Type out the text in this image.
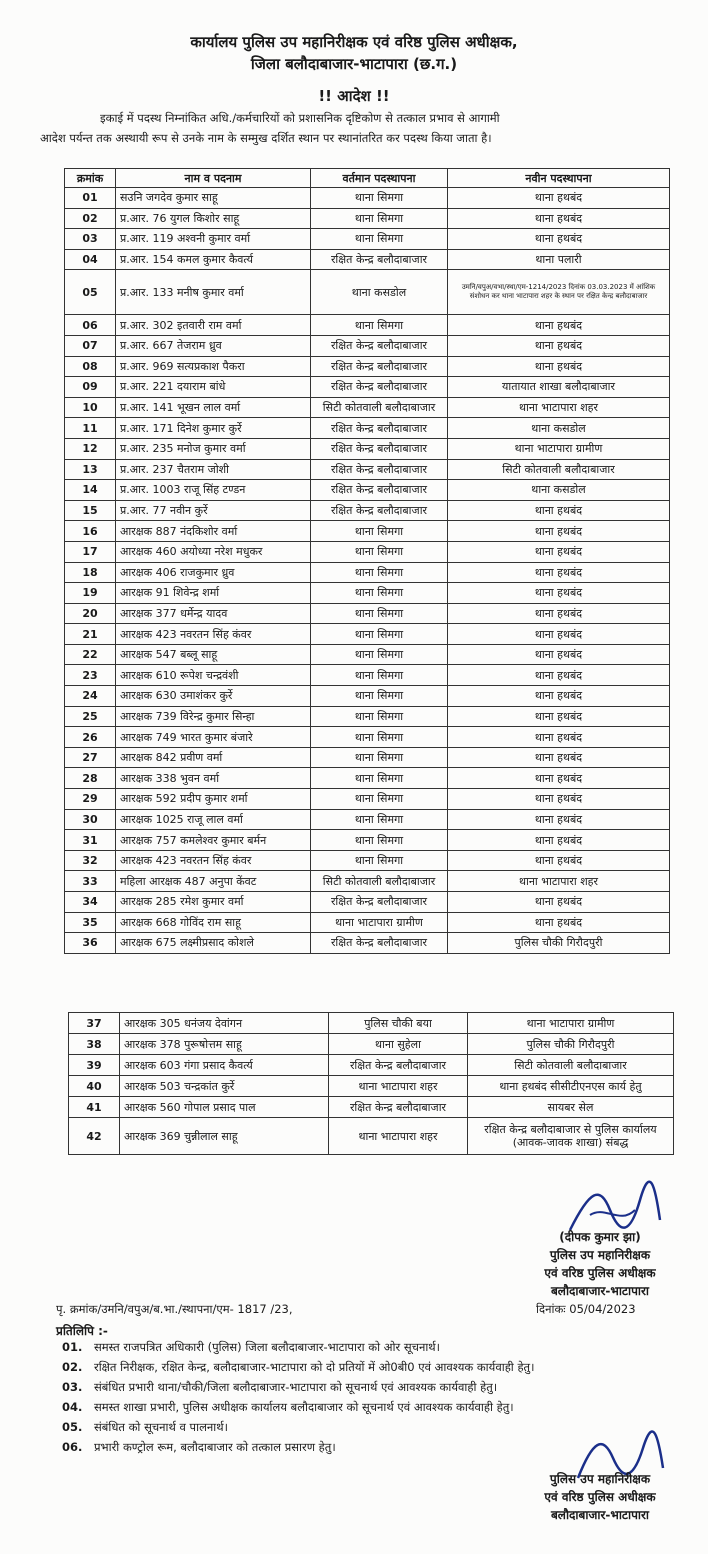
कार्यालय पुलिस उप महानिरीक्षक एवं वरिष्ठ पुलिस अधीक्षक,
जिला बलौदाबाजार-भाटापारा (छ.ग.)
!! आदेश !!
इकाई में पदस्थ निम्नांकित अधि./कर्मचारियों को प्रशासनिक दृष्टिकोण से तत्काल प्रभाव से आगामी
आदेश पर्यन्त तक अस्थायी रूप से उनके नाम के सम्मुख दर्शित स्थान पर स्थानांतरित कर पदस्थ किया जाता है।
क्रमांक	नाम व पदनाम	वर्तमान पदस्थापना	नवीन पदस्थापना
01	सउनि जगदेव कुमार साहू	थाना सिमगा	थाना हथबंद
02	प्र.आर. 76 युगल किशोर साहू	थाना सिमगा	थाना हथबंद
03	प्र.आर. 119 अश्वनी कुमार वर्मा	थाना सिमगा	थाना हथबंद
04	प्र.आर. 154 कमल कुमार कैवर्त्य	रक्षित केन्द्र बलौदाबाजार	थाना पलारी
05	प्र.आर. 133 मनीष कुमार वर्मा	थाना कसडोल	उमनि/वपुअ/वभा/स्था/एम-1214/2023 दिनांक 03.03.2023 में आंशिक संशोधन कर थाना भाटापारा शहर के स्थान पर रक्षित केन्द्र बलौदाबाजार
06	प्र.आर. 302 इतवारी राम वर्मा	थाना सिमगा	थाना हथबंद
07	प्र.आर. 667 तेजराम ध्रुव	रक्षित केन्द्र बलौदाबाजार	थाना हथबंद
08	प्र.आर. 969 सत्यप्रकाश पैकरा	रक्षित केन्द्र बलौदाबाजार	थाना हथबंद
09	प्र.आर. 221 दयाराम बांधे	रक्षित केन्द्र बलौदाबाजार	यातायात शाखा बलौदाबाजार
10	प्र.आर. 141 भूखन लाल वर्मा	सिटी कोतवाली बलौदाबाजार	थाना भाटापारा शहर
11	प्र.आर. 171 दिनेश कुमार कुर्रे	रक्षित केन्द्र बलौदाबाजार	थाना कसडोल
12	प्र.आर. 235 मनोज कुमार वर्मा	रक्षित केन्द्र बलौदाबाजार	थाना भाटापारा ग्रामीण
13	प्र.आर. 237 चैतराम जोशी	रक्षित केन्द्र बलौदाबाजार	सिटी कोतवाली बलौदाबाजार
14	प्र.आर. 1003 राजू सिंह टण्डन	रक्षित केन्द्र बलौदाबाजार	थाना कसडोल
15	प्र.आर. 77 नवीन कुर्रे	रक्षित केन्द्र बलौदाबाजार	थाना हथबंद
16	आरक्षक 887 नंदकिशोर वर्मा	थाना सिमगा	थाना हथबंद
17	आरक्षक 460 अयोध्या नरेश मधुकर	थाना सिमगा	थाना हथबंद
18	आरक्षक 406 राजकुमार ध्रुव	थाना सिमगा	थाना हथबंद
19	आरक्षक 91 शिवेन्द्र शर्मा	थाना सिमगा	थाना हथबंद
20	आरक्षक 377 धर्मेन्द्र यादव	थाना सिमगा	थाना हथबंद
21	आरक्षक 423 नवरतन सिंह कंवर	थाना सिमगा	थाना हथबंद
22	आरक्षक 547 बब्लू साहू	थाना सिमगा	थाना हथबंद
23	आरक्षक 610 रूपेश चन्द्रवंशी	थाना सिमगा	थाना हथबंद
24	आरक्षक 630 उमाशंकर कुर्रे	थाना सिमगा	थाना हथबंद
25	आरक्षक 739 विरेन्द्र कुमार सिन्हा	थाना सिमगा	थाना हथबंद
26	आरक्षक 749 भारत कुमार बंजारे	थाना सिमगा	थाना हथबंद
27	आरक्षक 842 प्रवीण वर्मा	थाना सिमगा	थाना हथबंद
28	आरक्षक 338 भुवन वर्मा	थाना सिमगा	थाना हथबंद
29	आरक्षक 592 प्रदीप कुमार शर्मा	थाना सिमगा	थाना हथबंद
30	आरक्षक 1025 राजू लाल वर्मा	थाना सिमगा	थाना हथबंद
31	आरक्षक 757 कमलेश्वर कुमार बर्मन	थाना सिमगा	थाना हथबंद
32	आरक्षक 423 नवरतन सिंह कंवर	थाना सिमगा	थाना हथबंद
33	महिला आरक्षक 487 अनुपा केंवट	सिटी कोतवाली बलौदाबाजार	थाना भाटापारा शहर
34	आरक्षक 285 रमेश कुमार वर्मा	रक्षित केन्द्र बलौदाबाजार	थाना हथबंद
35	आरक्षक 668 गोविंद राम साहू	थाना भाटापारा ग्रामीण	थाना हथबंद
36	आरक्षक 675 लक्ष्मीप्रसाद कोशले	रक्षित केन्द्र बलौदाबाजार	पुलिस चौकी गिरौदपुरी
37	आरक्षक 305 धनंजय देवांगन	पुलिस चौकी बया	थाना भाटापारा ग्रामीण
38	आरक्षक 378 पुरूषोत्तम साहू	थाना सुहेला	पुलिस चौकी गिरौदपुरी
39	आरक्षक 603 गंगा प्रसाद कैवर्त्य	रक्षित केन्द्र बलौदाबाजार	सिटी कोतवाली बलौदाबाजार
40	आरक्षक 503 चन्द्रकांत कुर्रे	थाना भाटापारा शहर	थाना हथबंद सीसीटीएनएस कार्य हेतु
41	आरक्षक 560 गोपाल प्रसाद पाल	रक्षित केन्द्र बलौदाबाजार	सायबर सेल
42	आरक्षक 369 चुन्नीलाल साहू	थाना भाटापारा शहर	रक्षित केन्द्र बलौदाबाजार से पुलिस कार्यालय (आवक-जावक शाखा) संबद्ध
(दीपक कुमार झा)
पुलिस उप महानिरीक्षक
एवं वरिष्ठ पुलिस अधीक्षक
बलौदाबाजार-भाटापारा
पृ. क्रमांक/उमनि/वपुअ/ब.भा./स्थापना/एम- 1817 /23,	दिनांकः 05/04/2023
प्रतिलिपि :-
01. समस्त राजपत्रित अधिकारी (पुलिस) जिला बलौदाबाजार-भाटापारा को ओर सूचनार्थ।
02. रक्षित निरीक्षक, रक्षित केन्द्र, बलौदाबाजार-भाटापारा को दो प्रतियों में ओ0बी0 एवं आवश्यक कार्यवाही हेतु।
03. संबंधित प्रभारी थाना/चौकी/जिला बलौदाबाजार-भाटापारा को सूचनार्थ एवं आवश्यक कार्यवाही हेतु।
04. समस्त शाखा प्रभारी, पुलिस अधीक्षक कार्यालय बलौदाबाजार को सूचनार्थ एवं आवश्यक कार्यवाही हेतु।
05. संबंधित को सूचनार्थ व पालनार्थ।
06. प्रभारी कण्ट्रोल रूम, बलौदाबाजार को तत्काल प्रसारण हेतु।
पुलिस उप महानिरीक्षक
एवं वरिष्ठ पुलिस अधीक्षक
बलौदाबाजार-भाटापारा
